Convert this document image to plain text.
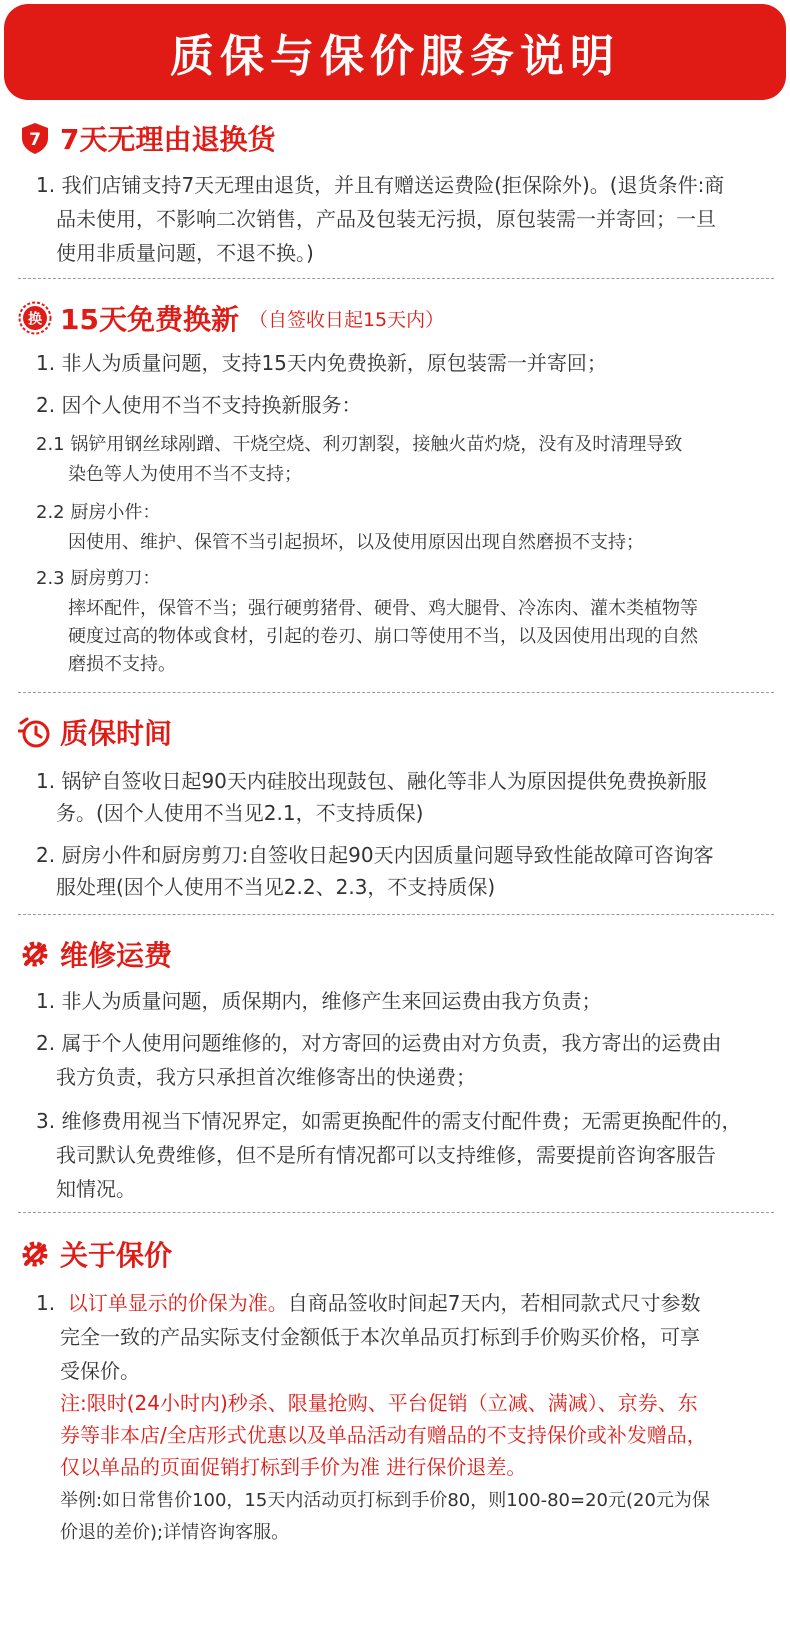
质保与保价服务说明
7 7天无理由退换货
1. 我们店铺支持7天无理由退货，并且有赠送运费险(拒保除外)。(退货条件:商
品未使用，不影响二次销售，产品及包装无污损，原包装需一并寄回；一旦
使用非质量问题，不退不换。)
换 15天免费换新 （自签收日起15天内）
1. 非人为质量问题，支持15天内免费换新，原包装需一并寄回；
2. 因个人使用不当不支持换新服务：
2.1 锅铲用钢丝球剐蹭、干烧空烧、利刃割裂，接触火苗灼烧，没有及时清理导致
染色等人为使用不当不支持；
2.2 厨房小件：
因使用、维护、保管不当引起损坏，以及使用原因出现自然磨损不支持；
2.3 厨房剪刀：
摔坏配件，保管不当；强行硬剪猪骨、硬骨、鸡大腿骨、冷冻肉、灌木类植物等
硬度过高的物体或食材，引起的卷刃、崩口等使用不当，以及因使用出现的自然
磨损不支持。
质保时间
1. 锅铲自签收日起90天内硅胶出现鼓包、融化等非人为原因提供免费换新服
务。(因个人使用不当见2.1，不支持质保)
2. 厨房小件和厨房剪刀:自签收日起90天内因质量问题导致性能故障可咨询客
服处理(因个人使用不当见2.2、2.3，不支持质保)
维修运费
1. 非人为质量问题，质保期内，维修产生来回运费由我方负责；
2. 属于个人使用问题维修的，对方寄回的运费由对方负责，我方寄出的运费由
我方负责，我方只承担首次维修寄出的快递费；
3. 维修费用视当下情况界定，如需更换配件的需支付配件费；无需更换配件的，
我司默认免费维修，但不是所有情况都可以支持维修，需要提前咨询客服告
知情况。
关于保价
1.  以订单显示的价保为准。自商品签收时间起7天内，若相同款式尺寸参数
完全一致的产品实际支付金额低于本次单品页打标到手价购买价格，可享
受保价。
注:限时(24小时内)秒杀、限量抢购、平台促销（立减、满减）、京券、东
券等非本店/全店形式优惠以及单品活动有赠品的不支持保价或补发赠品，
仅以单品的页面促销打标到手价为准 进行保价退差。
举例:如日常售价100，15天内活动页打标到手价80，则100-80=20元(20元为保
价退的差价);详情咨询客服。
